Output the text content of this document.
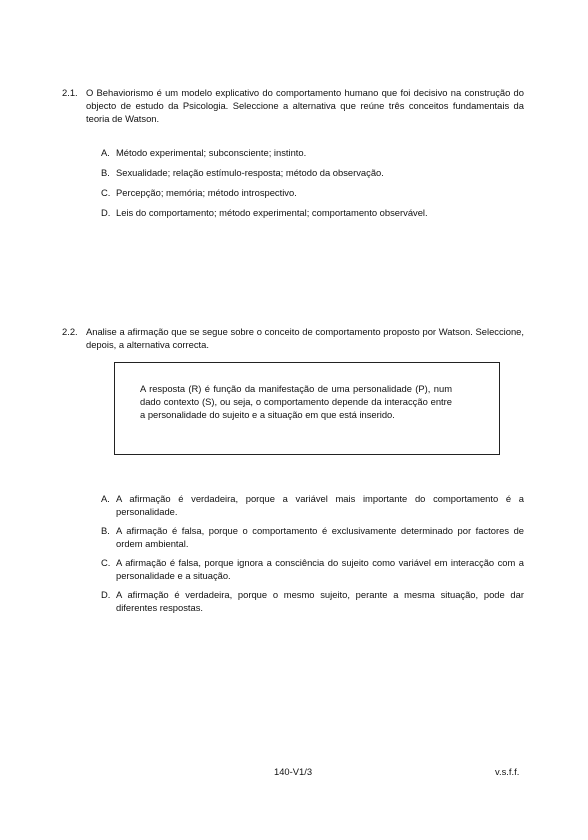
2.1. O Behaviorismo é um modelo explicativo do comportamento humano que foi decisivo na construção do objecto de estudo da Psicologia. Seleccione a alternativa que reúne três conceitos fundamentais da teoria de Watson.
A. Método experimental; subconsciente; instinto.
B. Sexualidade; relação estímulo-resposta; método da observação.
C. Percepção; memória; método introspectivo.
D. Leis do comportamento; método experimental; comportamento observável.
2.2. Analise a afirmação que se segue sobre o conceito de comportamento proposto por Watson. Seleccione, depois, a alternativa correcta.
A resposta (R) é função da manifestação de uma personalidade (P), num dado contexto (S), ou seja, o comportamento depende da interacção entre a personalidade do sujeito e a situação em que está inserido.
A. A afirmação é verdadeira, porque a variável mais importante do comportamento é a personalidade.
B. A afirmação é falsa, porque o comportamento é exclusivamente determinado por factores de ordem ambiental.
C. A afirmação é falsa, porque ignora a consciência do sujeito como variável em interacção com a personalidade e a situação.
D. A afirmação é verdadeira, porque o mesmo sujeito, perante a mesma situação, pode dar diferentes respostas.
140-V1/3	v.s.f.f.
